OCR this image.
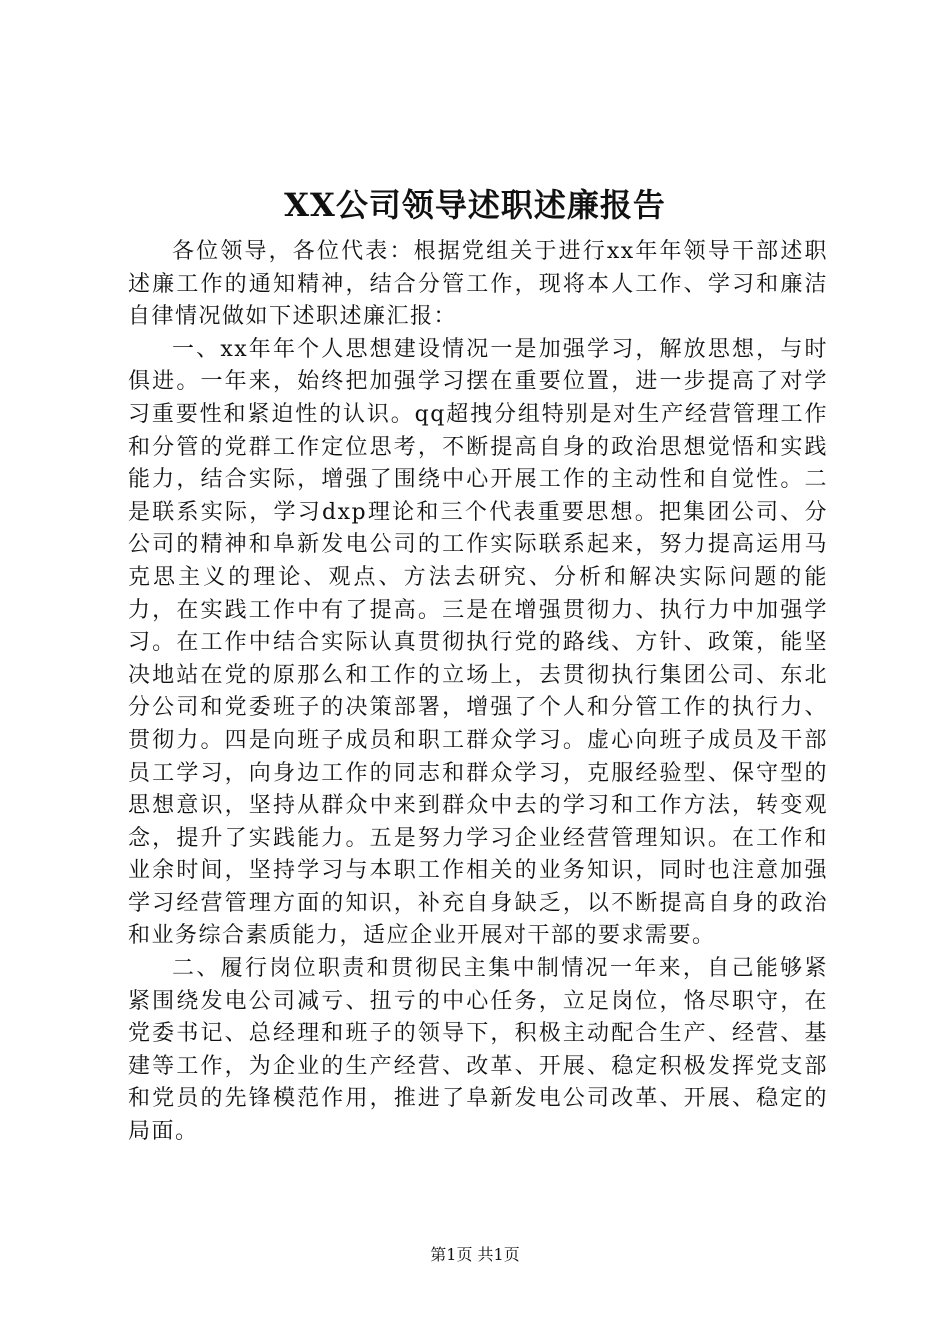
XX公司领导述职述廉报告

各位领导，各位代表：根据党组关于进行xx年年领导干部述职述廉工作的通知精神，结合分管工作，现将本人工作、学习和廉洁自律情况做如下述职述廉汇报：

一、xx年年个人思想建设情况一是加强学习，解放思想，与时俱进。一年来，始终把加强学习摆在重要位置，进一步提高了对学习重要性和紧迫性的认识。qq超拽分组特别是对生产经营管理工作和分管的党群工作定位思考，不断提高自身的政治思想觉悟和实践能力，结合实际，增强了围绕中心开展工作的主动性和自觉性。二是联系实际，学习dxp理论和三个代表重要思想。把集团公司、分公司的精神和阜新发电公司的工作实际联系起来，努力提高运用马克思主义的理论、观点、方法去研究、分析和解决实际问题的能力，在实践工作中有了提高。三是在增强贯彻力、执行力中加强学习。在工作中结合实际认真贯彻执行党的路线、方针、政策，能坚决地站在党的原那么和工作的立场上，去贯彻执行集团公司、东北分公司和党委班子的决策部署，增强了个人和分管工作的执行力、贯彻力。四是向班子成员和职工群众学习。虚心向班子成员及干部员工学习，向身边工作的同志和群众学习，克服经验型、保守型的思想意识，坚持从群众中来到群众中去的学习和工作方法，转变观念，提升了实践能力。五是努力学习企业经营管理知识。在工作和业余时间，坚持学习与本职工作相关的业务知识，同时也注意加强学习经营管理方面的知识，补充自身缺乏，以不断提高自身的政治和业务综合素质能力，适应企业开展对干部的要求需要。

二、履行岗位职责和贯彻民主集中制情况一年来，自己能够紧紧围绕发电公司减亏、扭亏的中心任务，立足岗位，恪尽职守，在党委书记、总经理和班子的领导下，积极主动配合生产、经营、基建等工作，为企业的生产经营、改革、开展、稳定积极发挥党支部和党员的先锋模范作用，推进了阜新发电公司改革、开展、稳定的局面。

第1页 共1页
